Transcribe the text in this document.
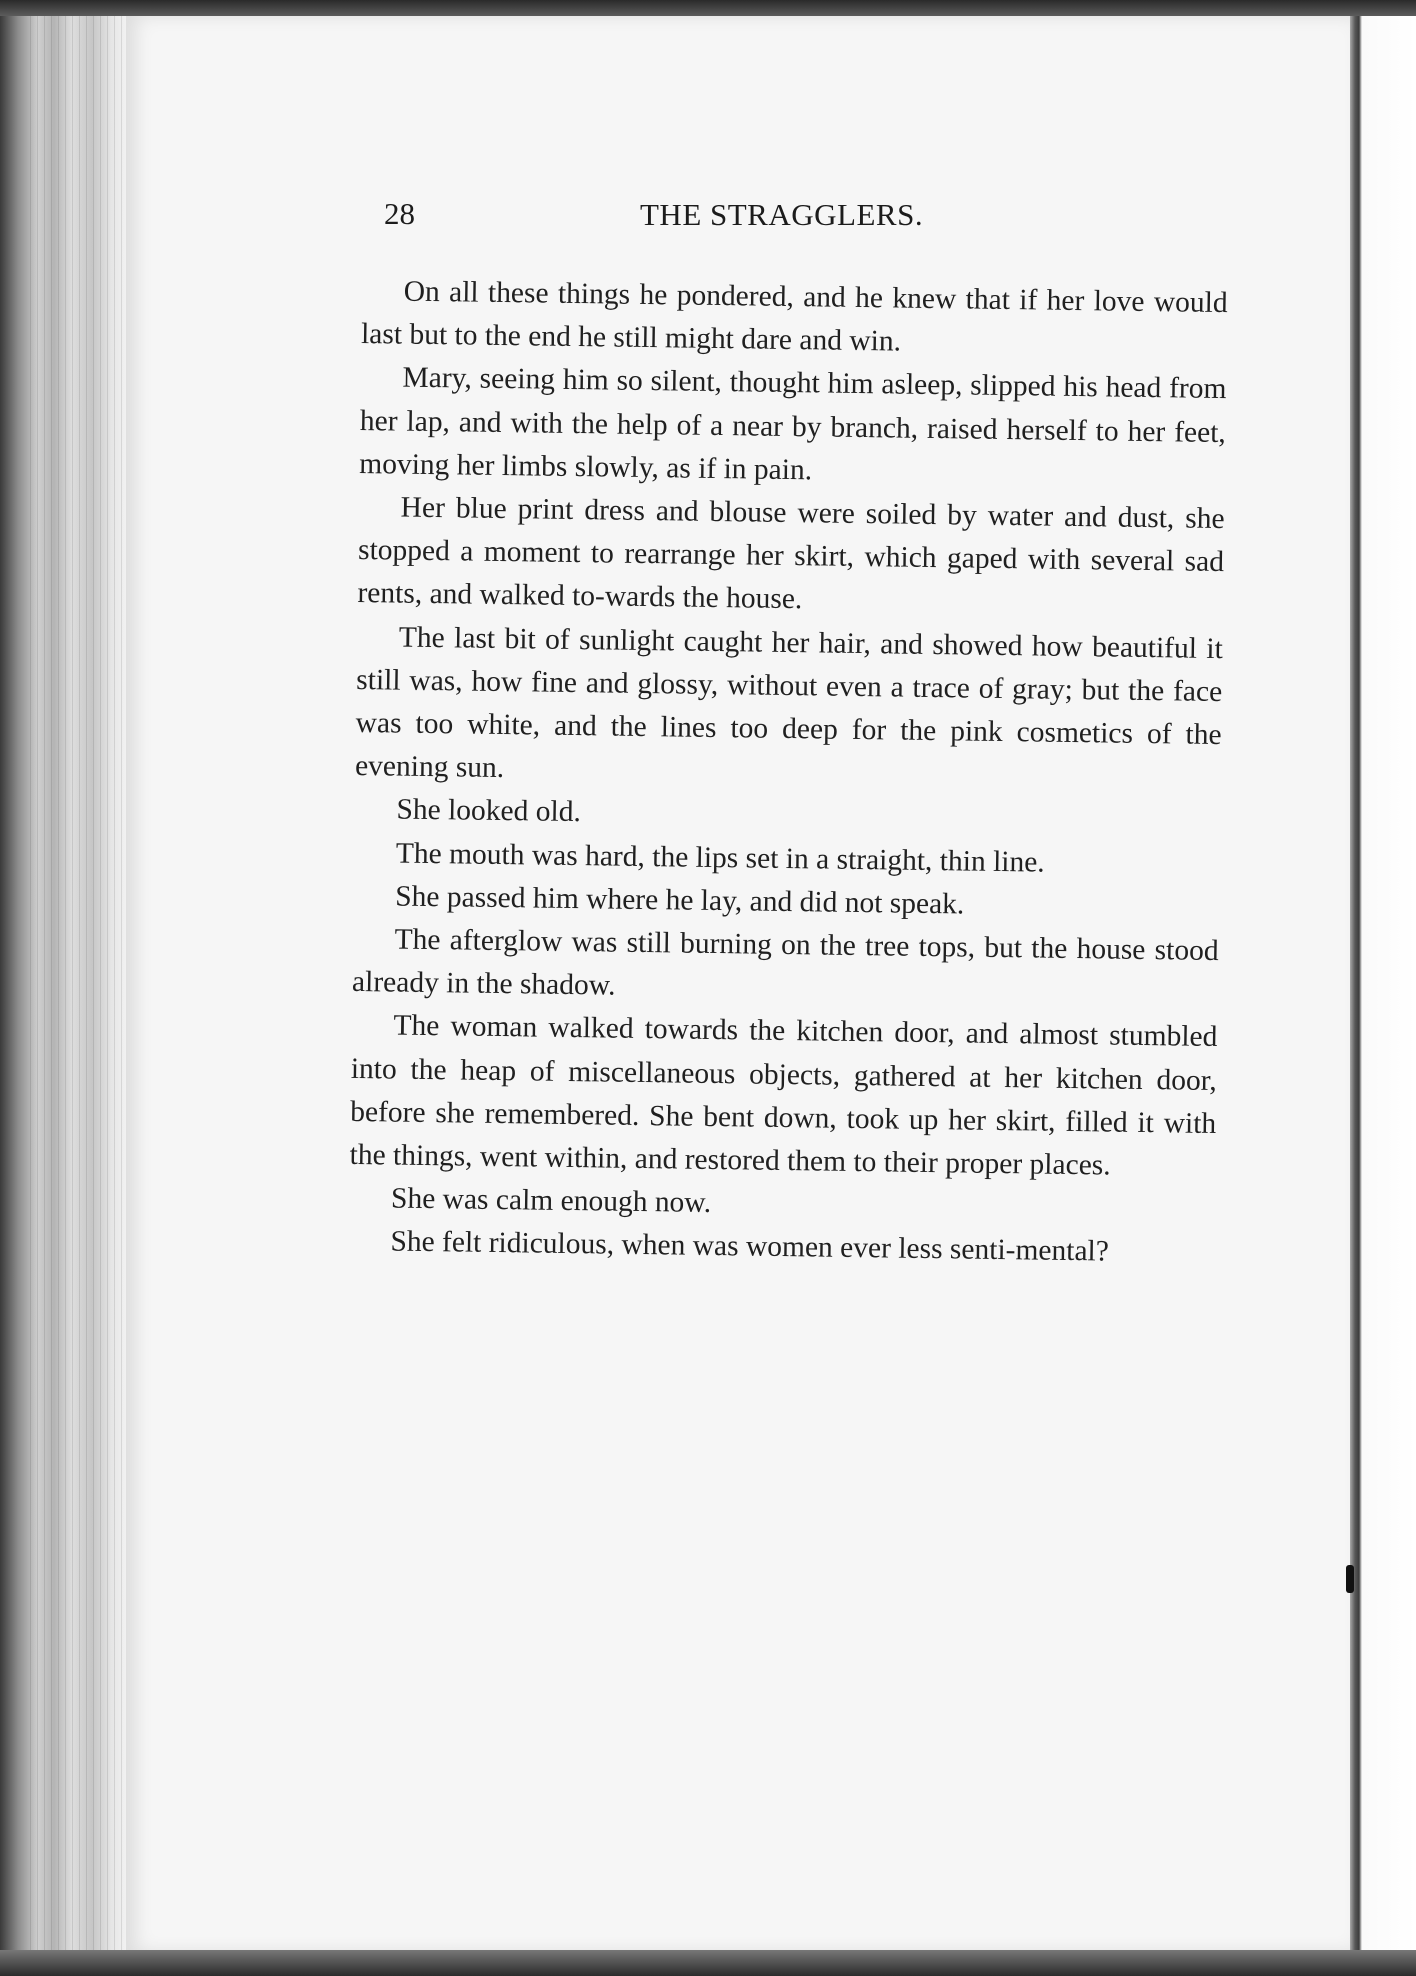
28	THE STRAGGLERS.

On all these things he pondered, and he knew that if her love would last but to the end he still might dare and win.

Mary, seeing him so silent, thought him asleep, slipped his head from her lap, and with the help of a near by branch, raised herself to her feet, moving her limbs slowly, as if in pain.

Her blue print dress and blouse were soiled by water and dust, she stopped a moment to rearrange her skirt, which gaped with several sad rents, and walked to-wards the house.

The last bit of sunlight caught her hair, and showed how beautiful it still was, how fine and glossy, without even a trace of gray; but the face was too white, and the lines too deep for the pink cosmetics of the evening sun.

She looked old.

The mouth was hard, the lips set in a straight, thin line.

She passed him where he lay, and did not speak.

The afterglow was still burning on the tree tops, but the house stood already in the shadow.

The woman walked towards the kitchen door, and almost stumbled into the heap of miscellaneous objects, gathered at her kitchen door, before she remembered. She bent down, took up her skirt, filled it with the things, went within, and restored them to their proper places.

She was calm enough now.

She felt ridiculous, when was women ever less senti-mental?
